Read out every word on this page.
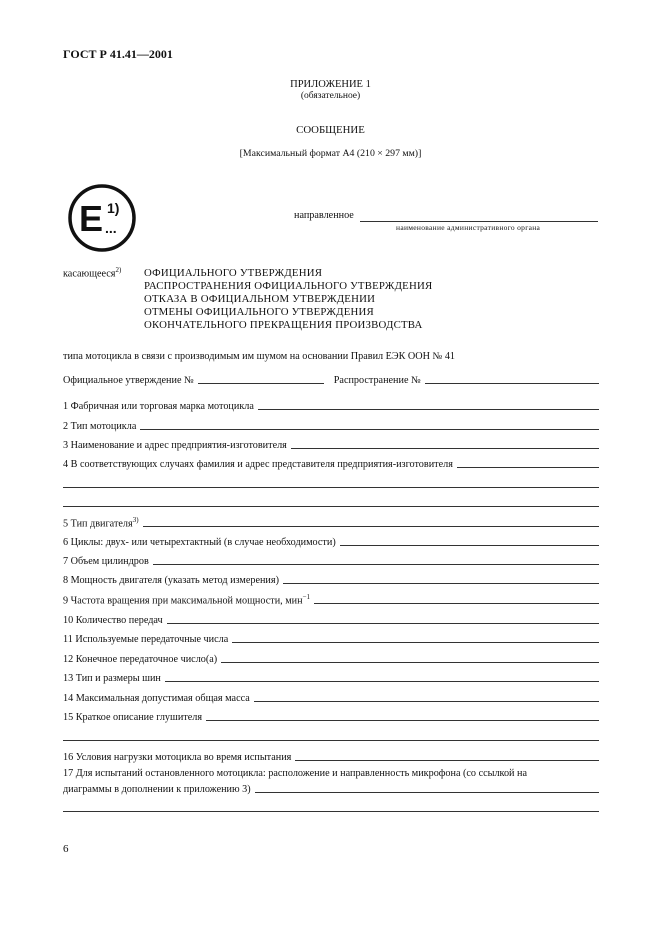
ГОСТ Р 41.41—2001
ПРИЛОЖЕНИЕ 1
(обязательное)
СООБЩЕНИЕ
[Максимальный формат А4 (210 × 297 мм)]
E 1)
...
направленное
наименование административного органа
касающееся$^{2)}$ ОФИЦИАЛЬНОГО УТВЕРЖДЕНИЯ
РАСПРОСТРАНЕНИЯ ОФИЦИАЛЬНОГО УТВЕРЖДЕНИЯ
ОТКАЗА В ОФИЦИАЛЬНОМ УТВЕРЖДЕНИИ
ОТМЕНЫ ОФИЦИАЛЬНОГО УТВЕРЖДЕНИЯ
ОКОНЧАТЕЛЬНОГО ПРЕКРАЩЕНИЯ ПРОИЗВОДСТВА
типа мотоцикла в связи с производимым им шумом на основании Правил ЕЭК ООН № 41
Официальное утверждение №	Распространение №
1 Фабричная или торговая марка мотоцикла
2 Тип мотоцикла
3 Наименование и адрес предприятия-изготовителя
4 В соответствующих случаях фамилия и адрес представителя предприятия-изготовителя
5 Тип двигателя$^{3)}$
6 Циклы: двух- или четырехтактный (в случае необходимости)
7 Объем цилиндров
8 Мощность двигателя (указать метод измерения)
9 Частота вращения при максимальной мощности, мин$^{-1}$
10 Количество передач
11 Используемые передаточные числа
12 Конечное передаточное число(а)
13 Тип и размеры шин
14 Максимальная допустимая общая масса
15 Краткое описание глушителя
16 Условия нагрузки мотоцикла во время испытания
17 Для испытаний остановленного мотоцикла: расположение и направленность микрофона (со ссылкой на
диаграммы в дополнении к приложению 3)
6
